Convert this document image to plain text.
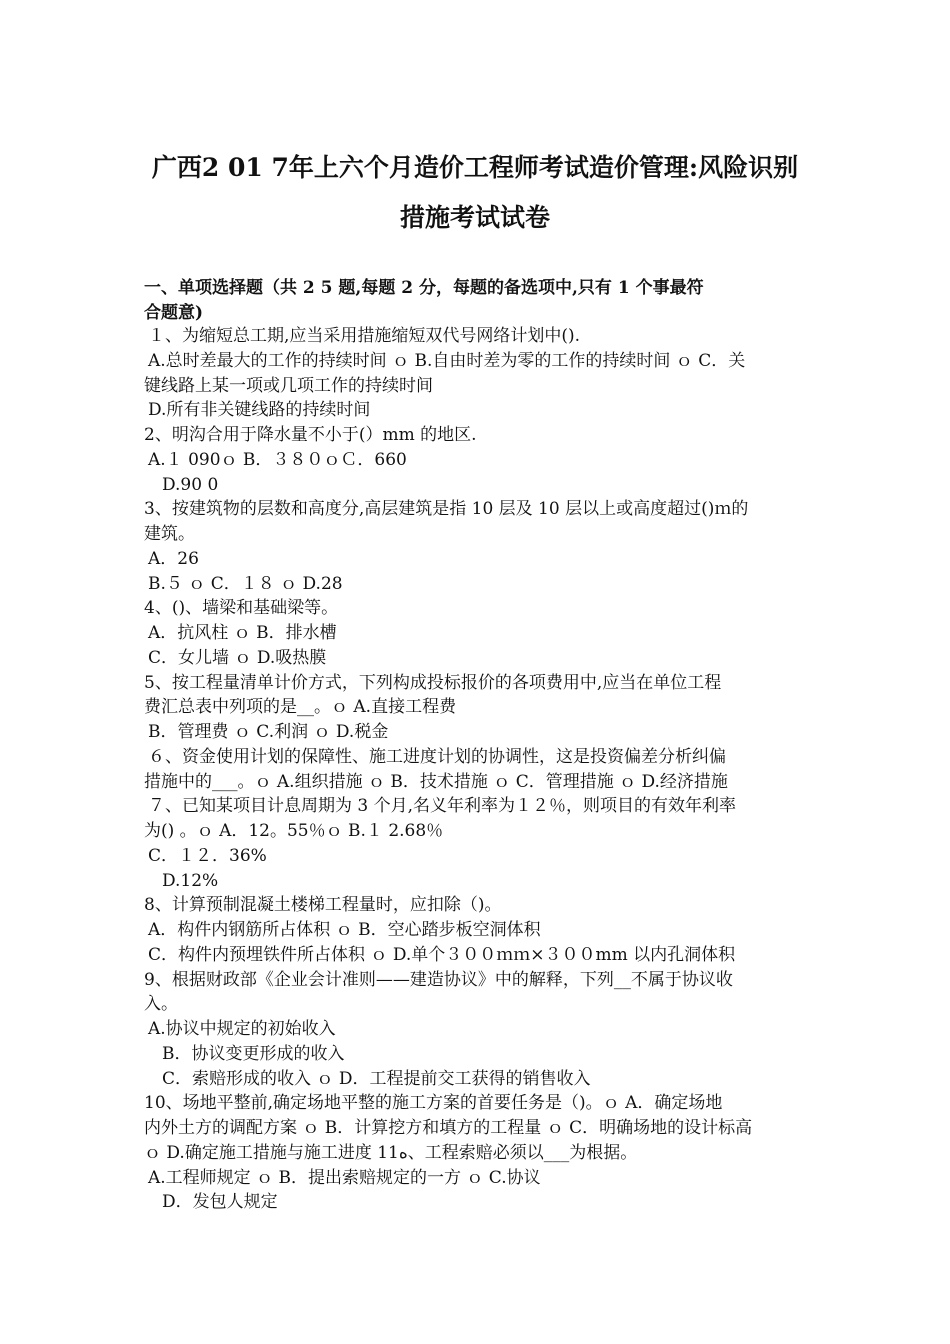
广西2 01 7年上六个月造价工程师考试造价管理:风险识别
措施考试试卷
一、单项选择题（共 2 5 题,每题 2 分，每题的备选项中,只有 1 个事最符
合题意)
１、为缩短总工期,应当采用措施缩短双代号网络计划中().
A.总时差最大的工作的持续时间 ｏ B.自由时差为零的工作的持续时间 ｏ C．关
键线路上某一项或几项工作的持续时间
D.所有非关键线路的持续时间
2、明沟合用于降水量不小于(）mm 的地区.
A.１ 090ｏ B．３８０ｏＣ．660
D.90 0
3、按建筑物的层数和高度分,高层建筑是指 10 层及 10 层以上或高度超过()ｍ的
建筑。
A．26
B.５ ｏ C．１８ ｏ D.28
4、()、墙梁和基础梁等。
A．抗风柱 ｏ B．排水槽
C．女儿墙 ｏ D.吸热膜
5、按工程量清单计价方式，下列构成投标报价的各项费用中,应当在单位工程
费汇总表中列项的是__。ｏ A.直接工程费
B．管理费 ｏ C.利润 ｏ D.税金
６、资金使用计划的保障性、施工进度计划的协调性，这是投资偏差分析纠偏
措施中的___。ｏ A.组织措施 ｏ B．技术措施 ｏ C．管理措施 ｏ D.经济措施
７、已知某项目计息周期为 3 个月,名义年利率为１２％，则项目的有效年利率
为() 。ｏ A．12。55％ｏ B.１ 2.68％
C．１２．36%
D.12%
8、计算预制混凝土楼梯工程量时，应扣除（)。
A．构件内钢筋所占体积 ｏ B．空心踏步板空洞体积
C．构件内预埋铁件所占体积 ｏ D.单个３００ｍｍ×３００mm 以内孔洞体积
9、根据财政部《企业会计准则——建造协议》中的解释，下列__不属于协议收
入。
A.协议中规定的初始收入
B．协议变更形成的收入
C．索赔形成的收入 ｏ D．工程提前交工获得的销售收入
10、场地平整前,确定场地平整的施工方案的首要任务是（)。ｏ A．确定场地
内外土方的调配方案 ｏ B．计算挖方和填方的工程量 ｏ C．明确场地的设计标高
ｏ D.确定施工措施与施工进度 11ه、工程索赔必须以___为根据。
A.工程师规定 ｏ B．提出索赔规定的一方 ｏ C.协议
D．发包人规定
